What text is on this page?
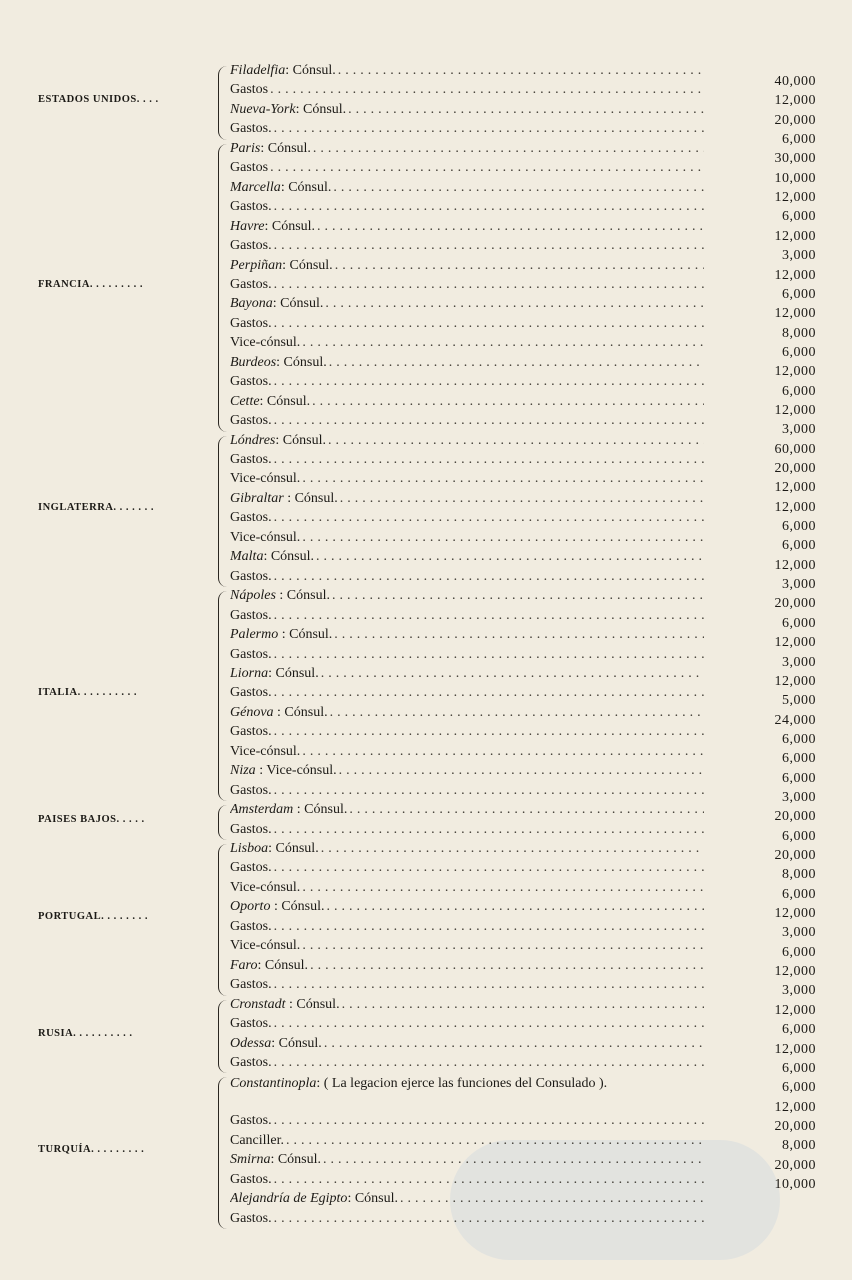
Filadelfia: Cónsul.
.....
Gastos
.....
Nueva-York: Cónsul.
.....
Gastos.
.....
ESTADOS UNIDOS. . . .
Paris: Cónsul.
.....
Gastos
.....
Marcella: Cónsul.
.....
Gastos.
.....
Havre: Cónsul.
.....
Gastos.
.....
Perpiñan: Cónsul.
.....
Gastos.
.....
Bayona: Cónsul.
.....
Gastos.
.....
Vice-cónsul.
.....
Burdeos: Cónsul.
.....
Gastos.
.....
Cette: Cónsul.
.....
Gastos.
.....
FRANCIA. . . . . . . . .
Lóndres: Cónsul.
.....
Gastos.
.....
Vice-cónsul.
.....
Gibraltar : Cónsul.
.....
Gastos.
.....
Vice-cónsul.
.....
Malta: Cónsul.
.....
Gastos.
.....
INGLATERRA. . . . . . .
Nápoles : Cónsul.
.....
Gastos.
.....
Palermo : Cónsul.
.....
Gastos.
.....
Liorna: Cónsul.
.....
Gastos.
.....
Génova : Cónsul.
.....
Gastos.
.....
Vice-cónsul.
.....
Niza : Vice-cónsul.
.....
Gastos.
.....
ITALIA. . . . . . . . . .
Amsterdam : Cónsul.
.....
Gastos.
.....
PAISES BAJOS. . . . .
Lisboa: Cónsul.
.....
Gastos.
.....
Vice-cónsul.
.....
Oporto : Cónsul.
.....
Gastos.
.....
Vice-cónsul.
.....
Faro: Cónsul.
.....
Gastos.
.....
PORTUGAL. . . . . . . .
Cronstadt : Cónsul.
.....
Gastos.
.....
Odessa: Cónsul.
.....
Gastos.
.....
RUSIA. . . . . . . . . .
Constantinopla: ( La legacion ejerce las funciones del Consulado ).
Gastos.
.....
Canciller.
.....
Smirna: Cónsul.
.....
Gastos.
.....
Alejandría de Egipto: Cónsul.
.....
Gastos.
.....
TURQUÍA. . . . . . . . .
40,000
12,000
20,000
6,000
30,000
10,000
12,000
6,000
12,000
3,000
12,000
6,000
12,000
8,000
6,000
12,000
6,000
12,000
3,000
60,000
20,000
12,000
12,000
6,000
6,000
12,000
3,000
20,000
6,000
12,000
3,000
12,000
5,000
24,000
6,000
6,000
6,000
3,000
20,000
6,000
20,000
8,000
6,000
12,000
3,000
6,000
12,000
3,000
12,000
6,000
12,000
6,000
6,000
12,000
20,000
8,000
20,000
10,000
